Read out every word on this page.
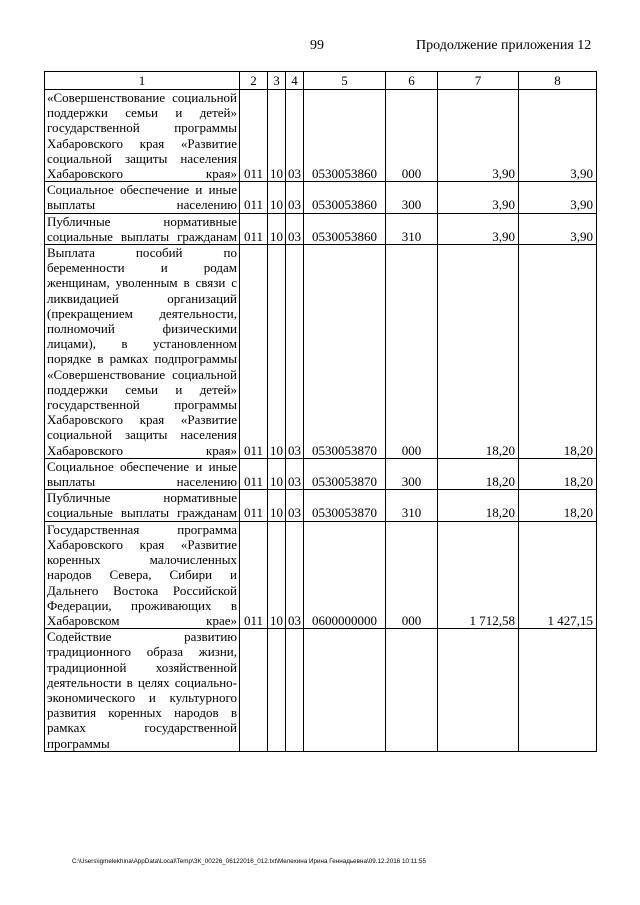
99	Продолжение приложения 12
1	2	3	4	5	6	7	8
«Совершенствование социальной поддержки семьи и детей» государственной программы Хабаровского края «Развитие социальной защиты населения Хабаровского края»	011	10	03	0530053860	000	3,90	3,90
Социальное обеспечение и иные выплаты населению	011	10	03	0530053860	300	3,90	3,90
Публичные нормативные социальные выплаты гражданам	011	10	03	0530053860	310	3,90	3,90
Выплата пособий по беременности и родам женщинам, уволенным в связи с ликвидацией организаций (прекращением деятельности, полномочий физическими лицами), в установленном порядке в рамках подпрограммы «Совершенствование социальной поддержки семьи и детей» государственной программы Хабаровского края «Развитие социальной защиты населения Хабаровского края»	011	10	03	0530053870	000	18,20	18,20
Социальное обеспечение и иные выплаты населению	011	10	03	0530053870	300	18,20	18,20
Публичные нормативные социальные выплаты гражданам	011	10	03	0530053870	310	18,20	18,20
Государственная программа Хабаровского края «Развитие коренных малочисленных народов Севера, Сибири и Дальнего Востока Российской Федерации, проживающих в Хабаровском крае»	011	10	03	0600000000	000	1 712,58	1 427,15
Содействие развитию традиционного образа жизни, традиционной хозяйственной деятельности в целях социально-экономического и культурного развития коренных народов в рамках государственной программы							
C:\Users\igmelekhina\AppData\Local\Temp\ЗК_00226_06122016_012.txt\Мелехина Ирина Геннадьевна\09.12.2016 10:11:55
